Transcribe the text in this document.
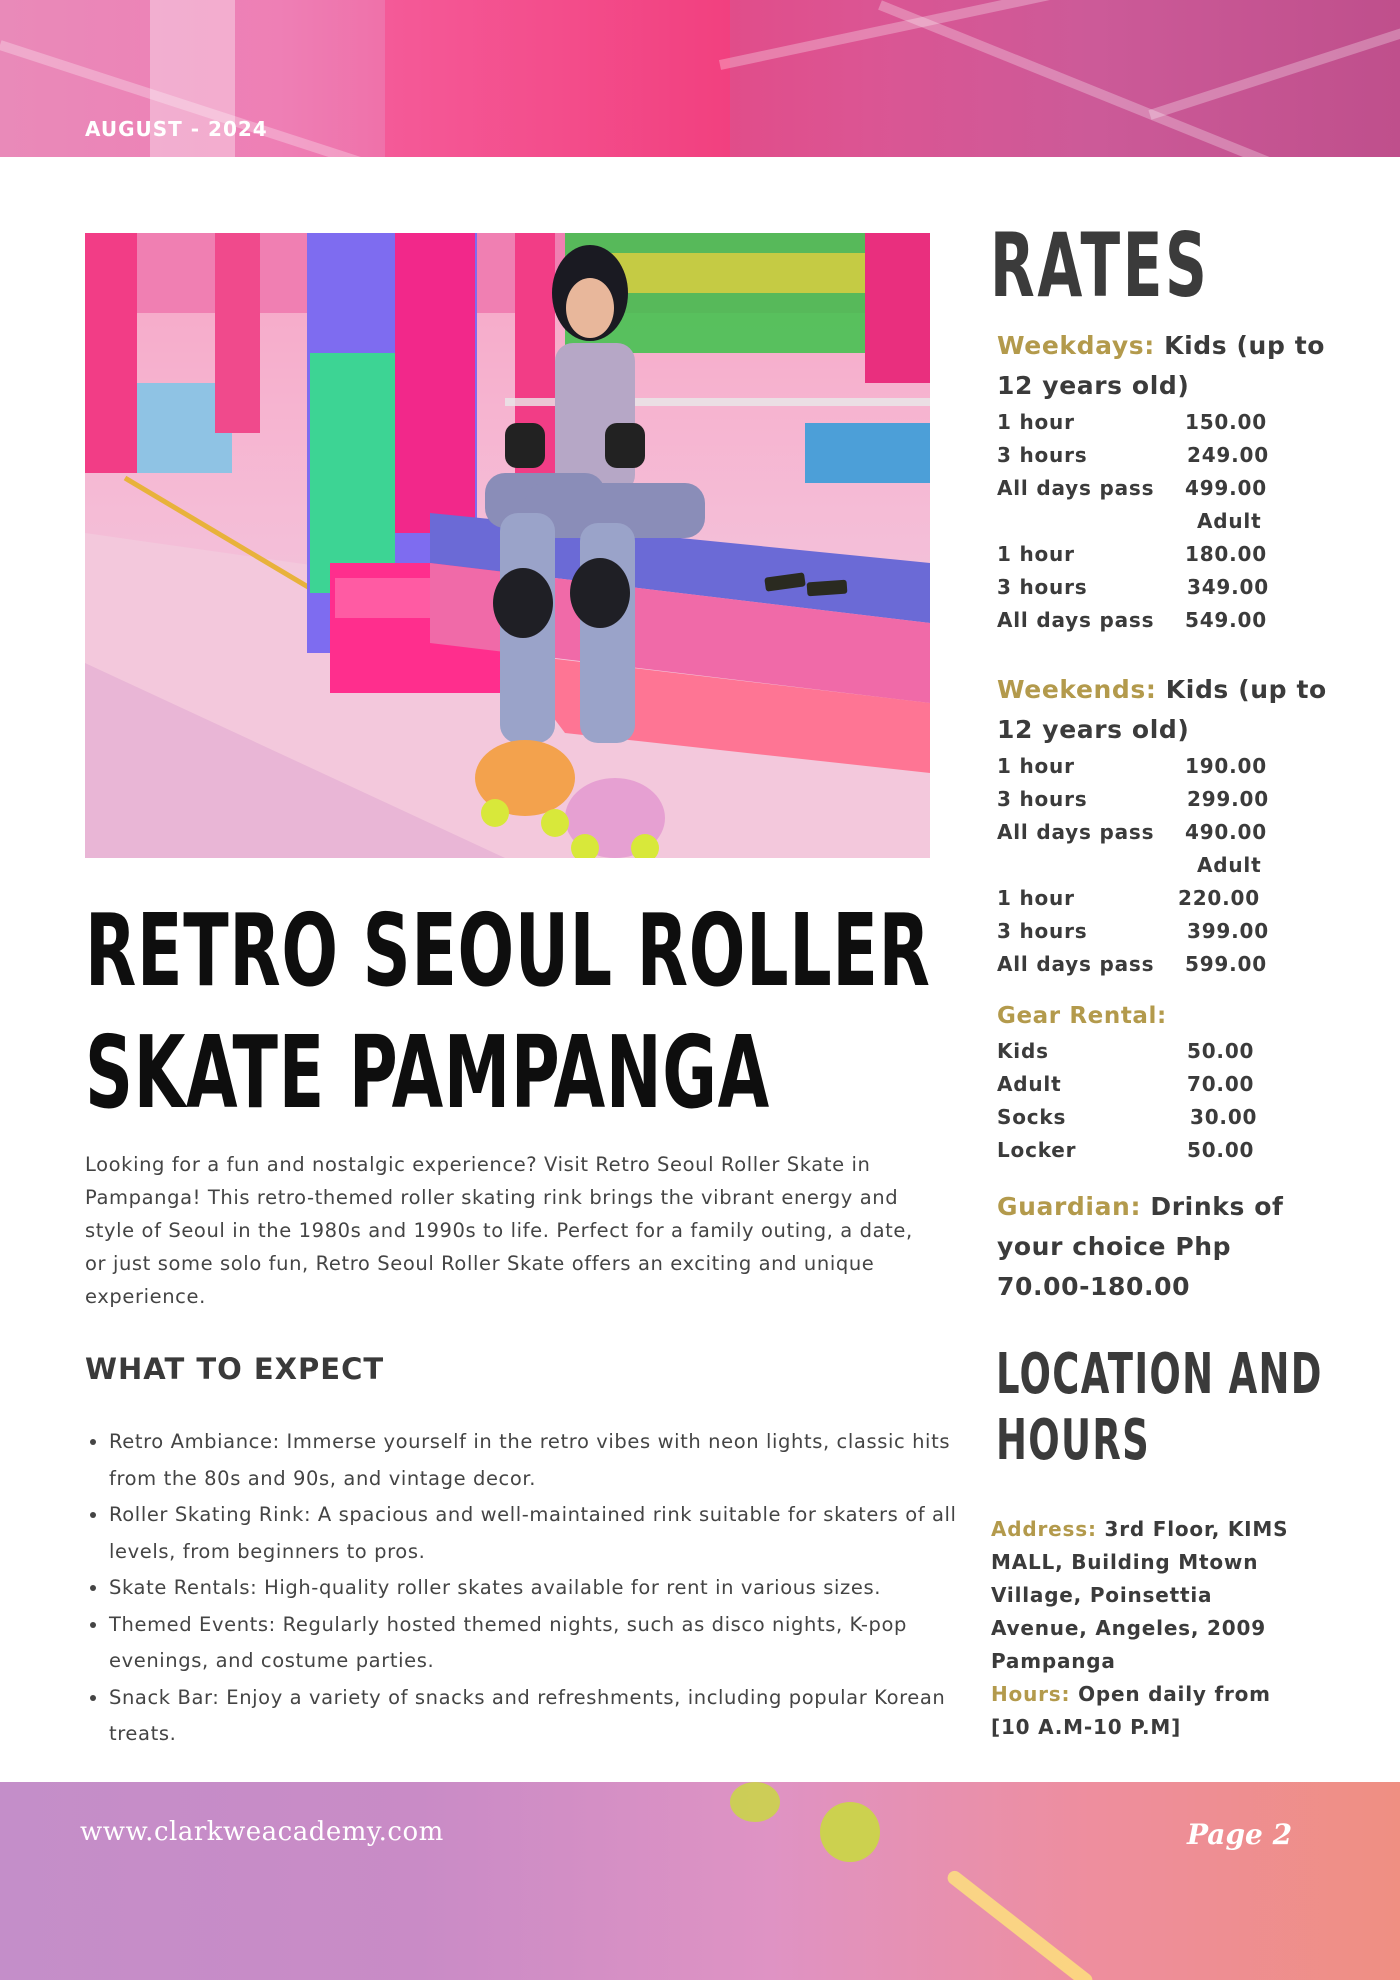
AUGUST - 2024
RETRO SEOUL ROLLER
SKATE PAMPANGA

Looking for a fun and nostalgic experience? Visit Retro Seoul Roller Skate in Pampanga! This retro-themed roller skating rink brings the vibrant energy and style of Seoul in the 1980s and 1990s to life. Perfect for a family outing, a date, or just some solo fun, Retro Seoul Roller Skate offers an exciting and unique experience.

WHAT TO EXPECT
• Retro Ambiance: Immerse yourself in the retro vibes with neon lights, classic hits from the 80s and 90s, and vintage decor.
• Roller Skating Rink: A spacious and well-maintained rink suitable for skaters of all levels, from beginners to pros.
• Skate Rentals: High-quality roller skates available for rent in various sizes.
• Themed Events: Regularly hosted themed nights, such as disco nights, K-pop evenings, and costume parties.
• Snack Bar: Enjoy a variety of snacks and refreshments, including popular Korean treats.
RATES
Weekdays: Kids (up to 12 years old)
1 hour	150.00
3 hours	249.00
All days pass 499.00
Adult
1 hour	180.00
3 hours	349.00
All days pass 549.00
Weekends: Kids (up to 12 years old)
1 hour	190.00
3 hours	299.00
All days pass 490.00
Adult
1 hour	220.00
3 hours	399.00
All days pass 599.00
Gear Rental:
Kids	50.00
Adult	70.00
Socks	30.00
Locker	50.00
Guardian: Drinks of your choice Php 70.00-180.00
LOCATION AND
HOURS
Address: 3rd Floor, KIMS MALL, Building Mtown Village, Poinsettia Avenue, Angeles, 2009 Pampanga
Hours: Open daily from [10 A.M-10 P.M]
www.clarkweacademy.com	Page 2
